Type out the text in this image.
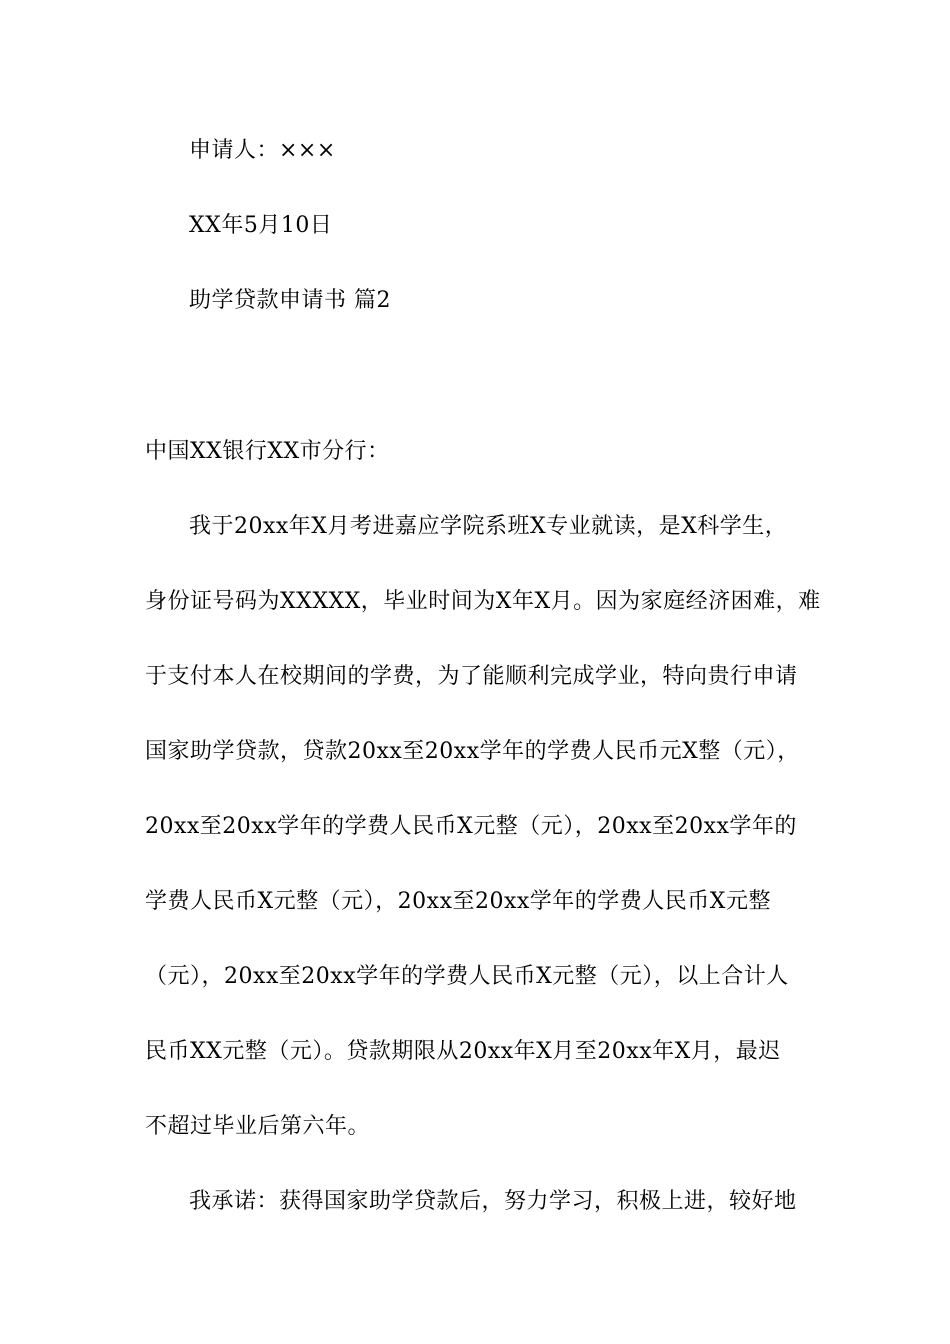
申请人：×××
XX年5月10日
助学贷款申请书 篇2
中国XX银行XX市分行：
我于20xx年X月考进嘉应学院系班X专业就读，是X科学生，
身份证号码为XXXXX，毕业时间为X年X月。因为家庭经济困难，难
于支付本人在校期间的学费，为了能顺利完成学业，特向贵行申请
国家助学贷款，贷款20xx至20xx学年的学费人民币元X整（元），
20xx至20xx学年的学费人民币X元整（元），20xx至20xx学年的
学费人民币X元整（元），20xx至20xx学年的学费人民币X元整
（元），20xx至20xx学年的学费人民币X元整（元），以上合计人
民币XX元整（元）。贷款期限从20xx年X月至20xx年X月，最迟
不超过毕业后第六年。
我承诺：获得国家助学贷款后，努力学习，积极上进，较好地
